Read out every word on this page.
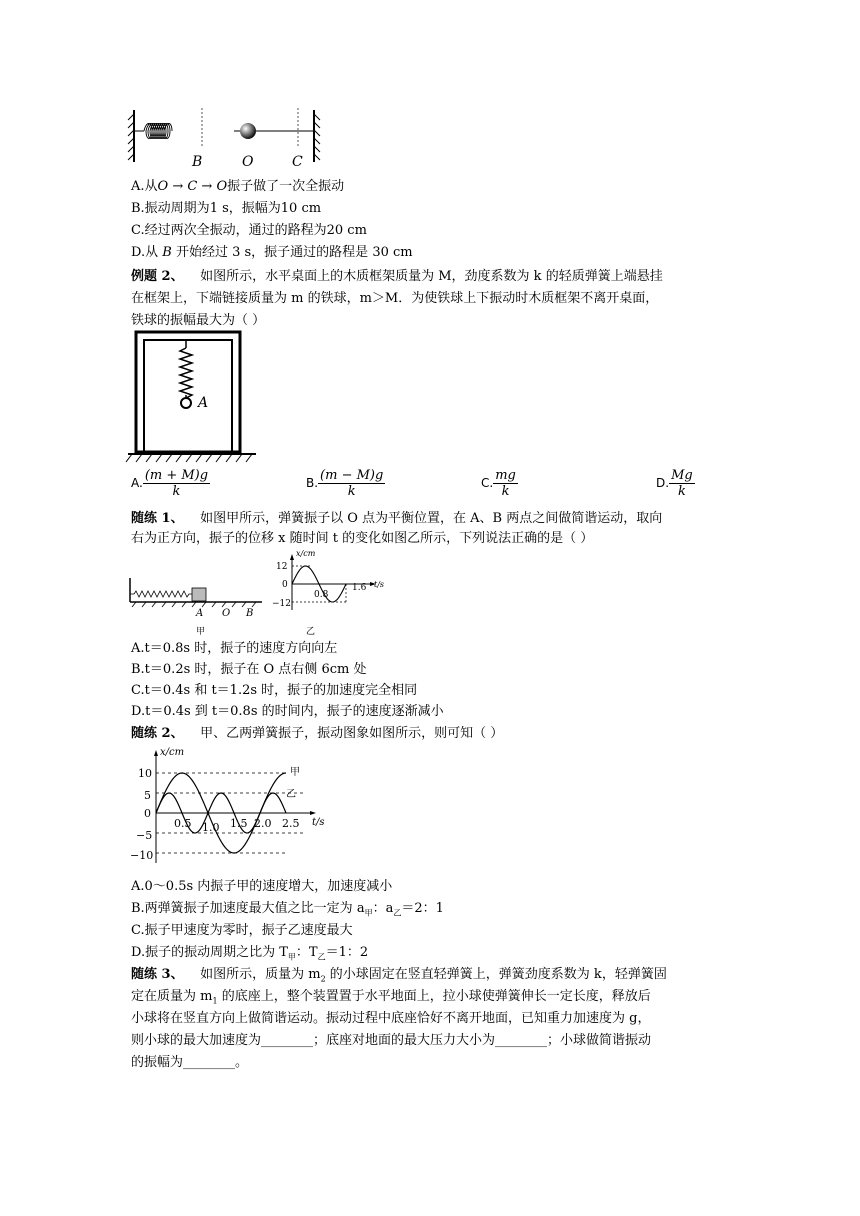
B	O	C
A.从O → C → O振子做了一次全振动
B.振动周期为1 s，振幅为10 cm
C.经过两次全振动，通过的路程为20 cm
D.从 B 开始经过 3 s，振子通过的路程是 30 cm
例题 2、 如图所示，水平桌面上的木质框架质量为 M，劲度系数为 k 的轻质弹簧上端悬挂
在框架上，下端链接质量为 m 的铁球，m＞M．为使铁球上下振动时木质框架不离开桌面，
铁球的振幅最大为（ ）
A
A. $\frac{(m + M)g}{k}$	B. $\frac{(m - M)g}{k}$	C. $\frac{mg}{k}$	D. $\frac{Mg}{k}$
随练 1、 如图甲所示，弹簧振子以 O 点为平衡位置，在 A、B 两点之间做简谐运动，取向
右为正方向，振子的位移 x 随时间 t 的变化如图乙所示，下列说法正确的是（ ）
A O B
甲
x/cm
t/s
12
0
−12
0.8
1.6
乙
A.t＝0.8s 时，振子的速度方向向左
B.t＝0.2s 时，振子在 O 点右侧 6cm 处
C.t＝0.4s 和 t＝1.2s 时，振子的加速度完全相同
D.t＝0.4s 到 t＝0.8s 的时间内，振子的速度逐渐减小
随练 2、 甲、乙两弹簧振子，振动图象如图所示，则可知（ ）
x/cm
t/s
10
5
0
−5
−10
0.5 1.0 1.5 2.0 2.5
甲
乙
A.0～0.5s 内振子甲的速度增大，加速度减小
B.两弹簧振子加速度最大值之比一定为 $a_甲$：$a_乙=2$：1
C.振子甲速度为零时，振子乙速度最大
D.振子的振动周期之比为 $T_甲$：$T_乙=1$：2
随练 3、 如图所示，质量为 $m_2$ 的小球固定在竖直轻弹簧上，弹簧劲度系数为 k，轻弹簧固
定在质量为 $m_1$ 的底座上，整个装置置于水平地面上，拉小球使弹簧伸长一定长度，释放后
小球将在竖直方向上做简谐运动。振动过程中底座恰好不离开地面，已知重力加速度为 g，
则小球的最大加速度为________；底座对地面的最大压力大小为________；小球做简谐振动
的振幅为________。
